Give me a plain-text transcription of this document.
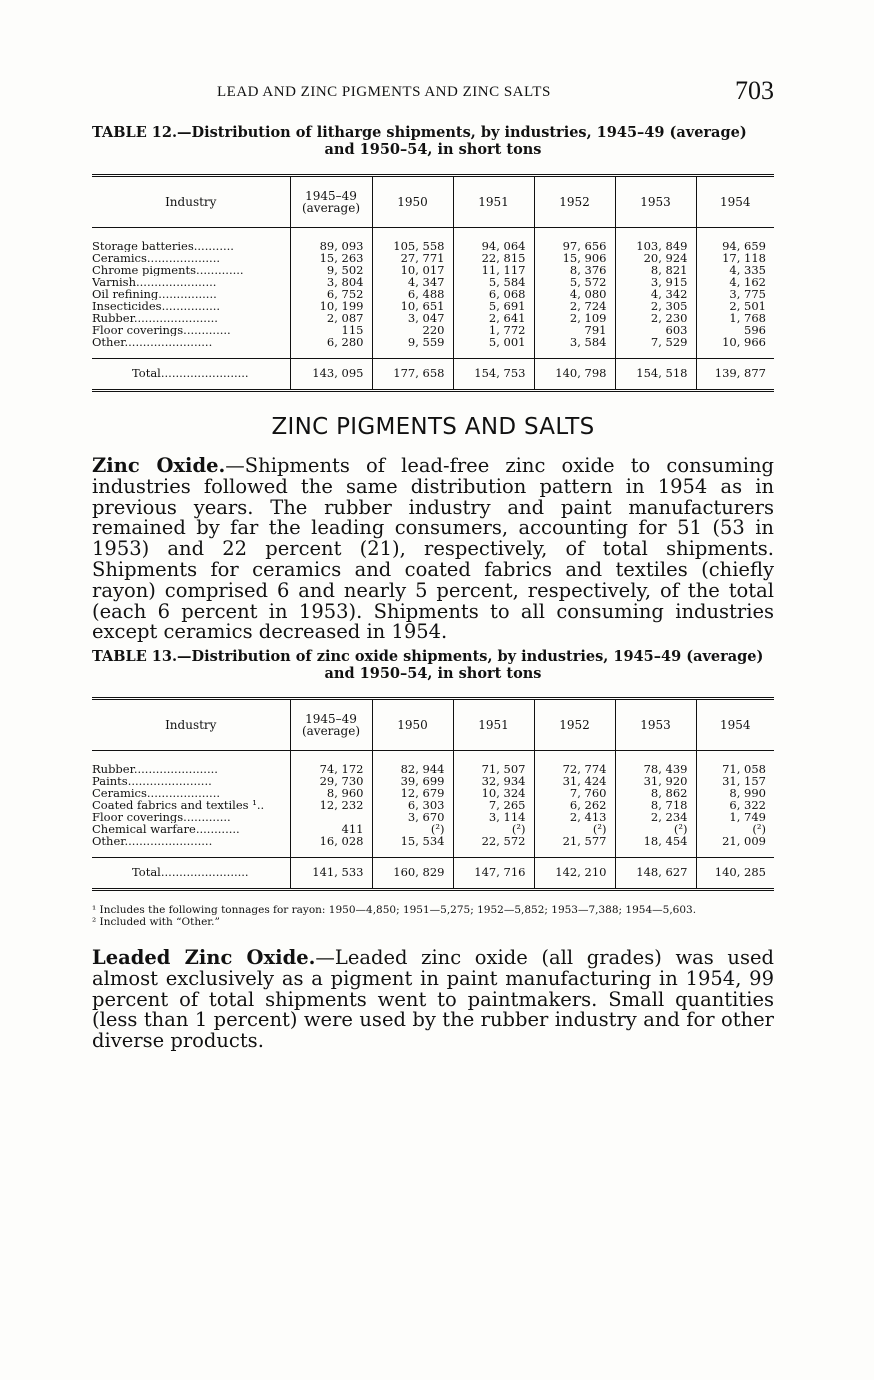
LEAD AND ZINC PIGMENTS AND ZINC SALTS	703
TABLE 12.—Distribution of litharge shipments, by industries, 1945–49 (average)
and 1950–54, in short tons
Industry	1945–49 (average)	1950	1951	1952	1953	1954
Storage batteries...........	89, 093	105, 558	94, 064	97, 656	103, 849	94, 659
Ceramics....................	15, 263	27, 771	22, 815	15, 906	20, 924	17, 118
Chrome pigments.............	9, 502	10, 017	11, 117	8, 376	8, 821	4, 335
Varnish......................	3, 804	4, 347	5, 584	5, 572	3, 915	4, 162
Oil refining................	6, 752	6, 488	6, 068	4, 080	4, 342	3, 775
Insecticides................	10, 199	10, 651	5, 691	2, 724	2, 305	2, 501
Rubber.......................	2, 087	3, 047	2, 641	2, 109	2, 230	1, 768
Floor coverings.............	115	220	1, 772	791	603	596
Other........................	6, 280	9, 559	5, 001	3, 584	7, 529	10, 966
Total........................	143, 095	177, 658	154, 753	140, 798	154, 518	139, 877
ZINC PIGMENTS AND SALTS

Zinc Oxide.—Shipments of lead-free zinc oxide to consuming industries followed the same distribution pattern in 1954 as in previous years. The rubber industry and paint manufacturers remained by far the leading consumers, accounting for 51 (53 in 1953) and 22 percent (21), respectively, of total shipments. Shipments for ceramics and coated fabrics and textiles (chiefly rayon) comprised 6 and nearly 5 percent, respectively, of the total (each 6 percent in 1953). Shipments to all consuming industries except ceramics decreased in 1954.

TABLE 13.—Distribution of zinc oxide shipments, by industries, 1945–49 (average)
and 1950–54, in short tons
Industry	1945–49 (average)	1950	1951	1952	1953	1954
Rubber.......................	74, 172	82, 944	71, 507	72, 774	78, 439	71, 058
Paints.......................	29, 730	39, 699	32, 934	31, 424	31, 920	31, 157
Ceramics....................	8, 960	12, 679	10, 324	7, 760	8, 862	8, 990
Coated fabrics and textiles ¹..	12, 232	6, 303	7, 265	6, 262	8, 718	6, 322
Floor coverings.............		3, 670	3, 114	2, 413	2, 234	1, 749
Chemical warfare............	411	(²)	(²)	(²)	(²)	(²)
Other........................	16, 028	15, 534	22, 572	21, 577	18, 454	21, 009
Total........................	141, 533	160, 829	147, 716	142, 210	148, 627	140, 285
¹ Includes the following tonnages for rayon: 1950—4,850; 1951—5,275; 1952—5,852; 1953—7,388; 1954—5,603.
² Included with “Other.”

Leaded Zinc Oxide.—Leaded zinc oxide (all grades) was used almost exclusively as a pigment in paint manufacturing in 1954, 99 percent of total shipments went to paintmakers. Small quantities (less than 1 percent) were used by the rubber industry and for other diverse products.
